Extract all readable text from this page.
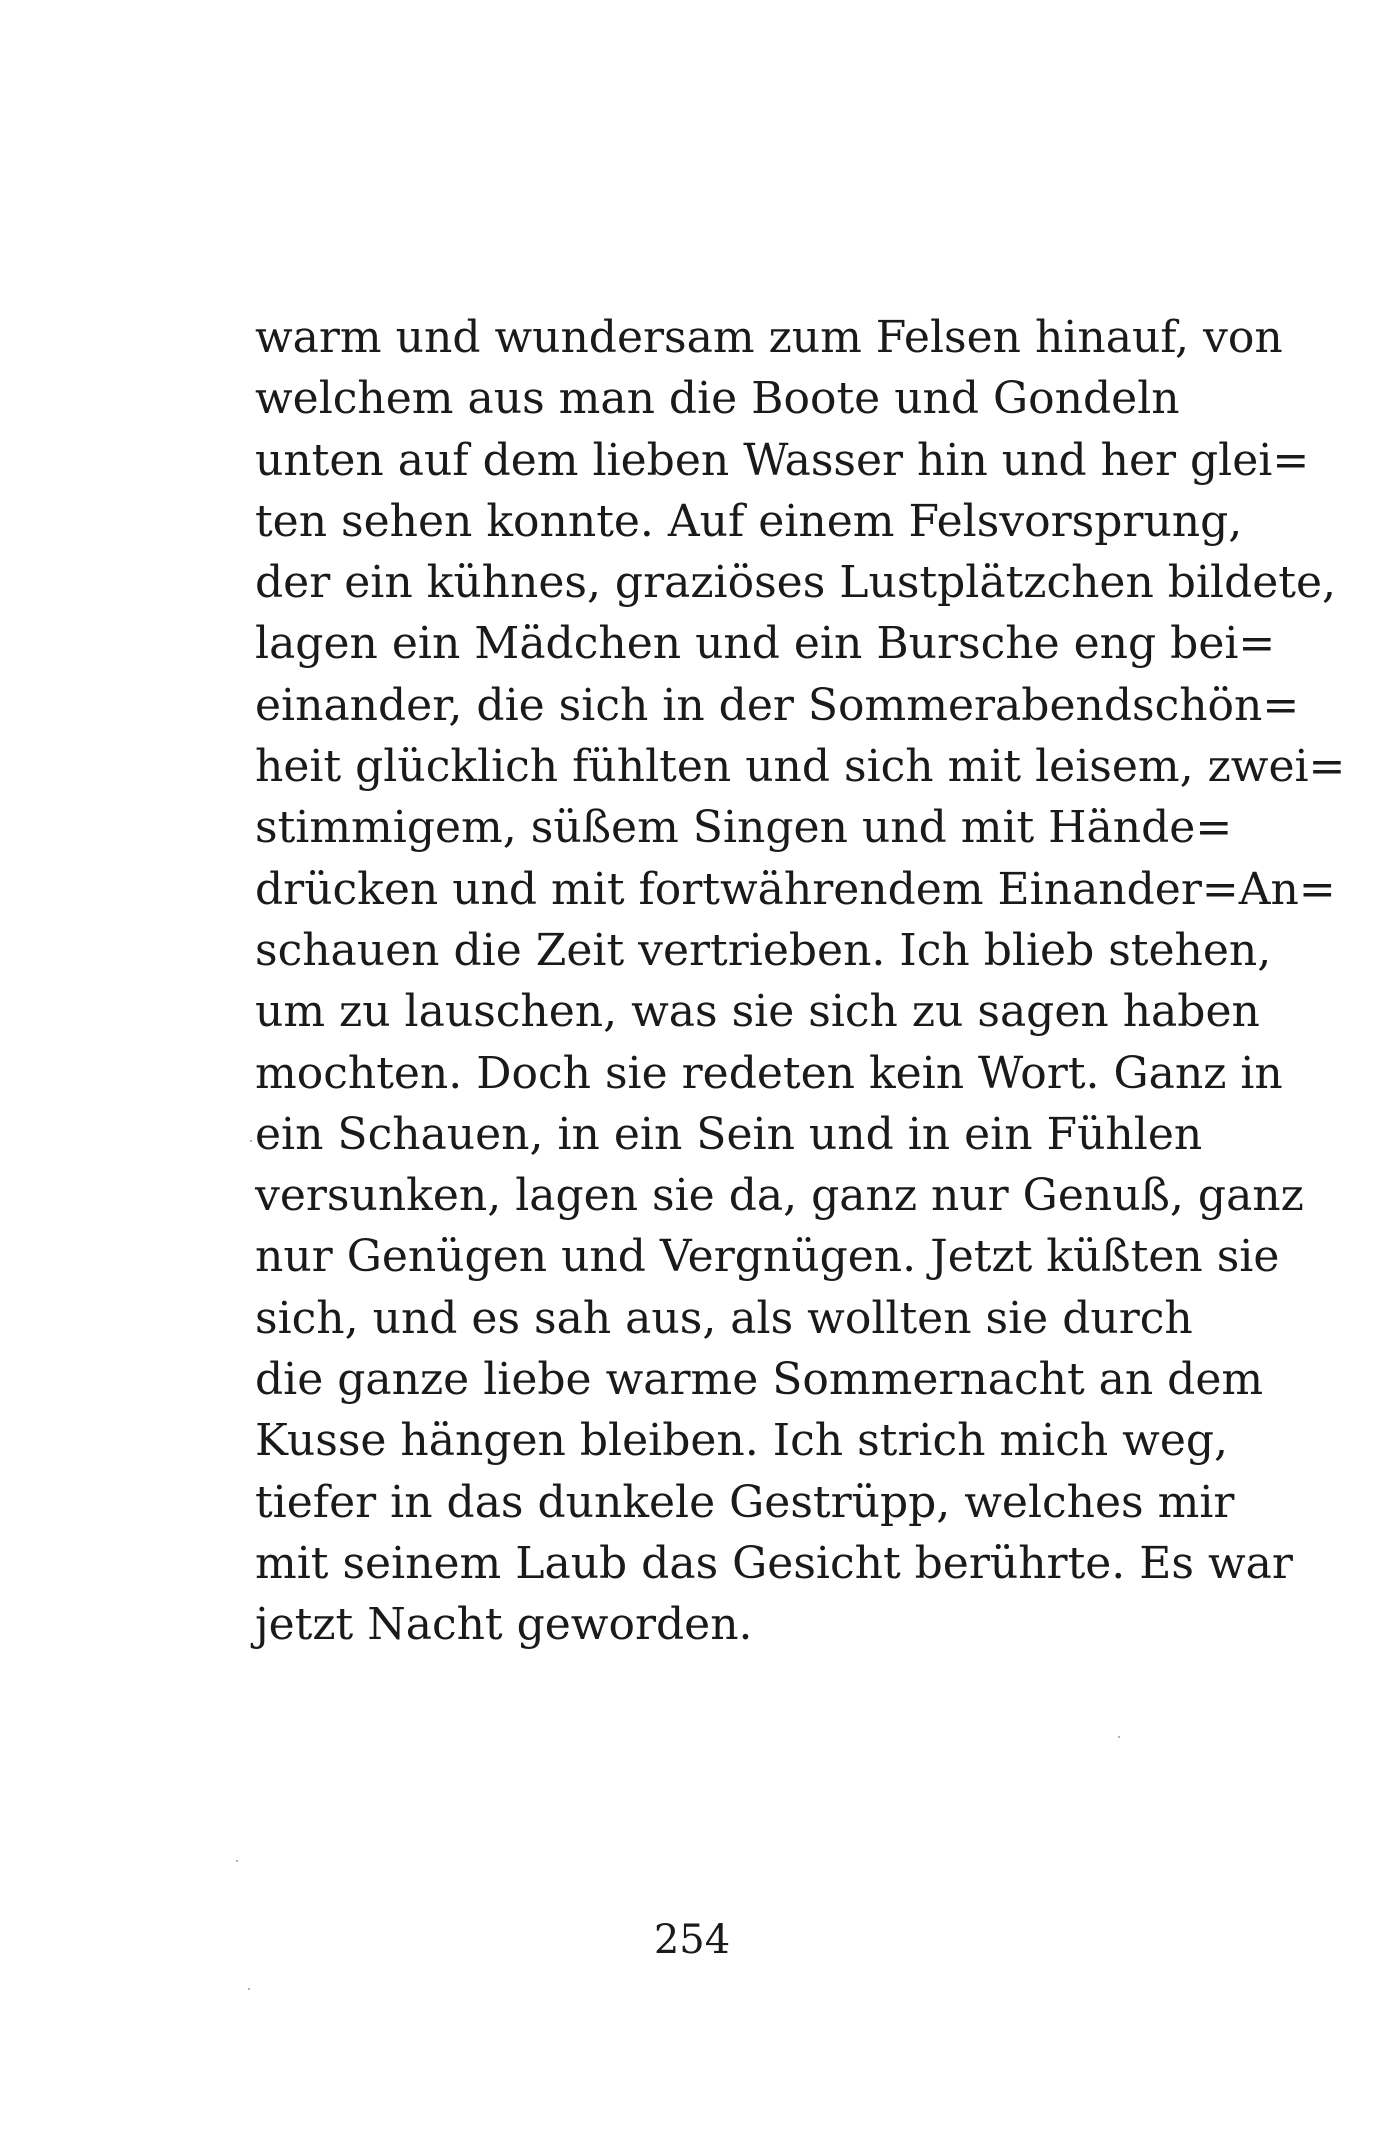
warm und wundersam zum Felsen hinauf, von
welchem aus man die Boote und Gondeln
unten auf dem lieben Wasser hin und her glei=
ten sehen konnte. Auf einem Felsvorsprung,
der ein kühnes, graziöses Lustplätzchen bildete,
lagen ein Mädchen und ein Bursche eng bei=
einander, die sich in der Sommerabendschön=
heit glücklich fühlten und sich mit leisem, zwei=
stimmigem, süßem Singen und mit Hände=
drücken und mit fortwährendem Einander=An=
schauen die Zeit vertrieben. Ich blieb stehen,
um zu lauschen, was sie sich zu sagen haben
mochten. Doch sie redeten kein Wort. Ganz in
ein Schauen, in ein Sein und in ein Fühlen
versunken, lagen sie da, ganz nur Genuß, ganz
nur Genügen und Vergnügen. Jetzt küßten sie
sich, und es sah aus, als wollten sie durch
die ganze liebe warme Sommernacht an dem
Kusse hängen bleiben. Ich strich mich weg,
tiefer in das dunkele Gestrüpp, welches mir
mit seinem Laub das Gesicht berührte. Es war
jetzt Nacht geworden.
254
